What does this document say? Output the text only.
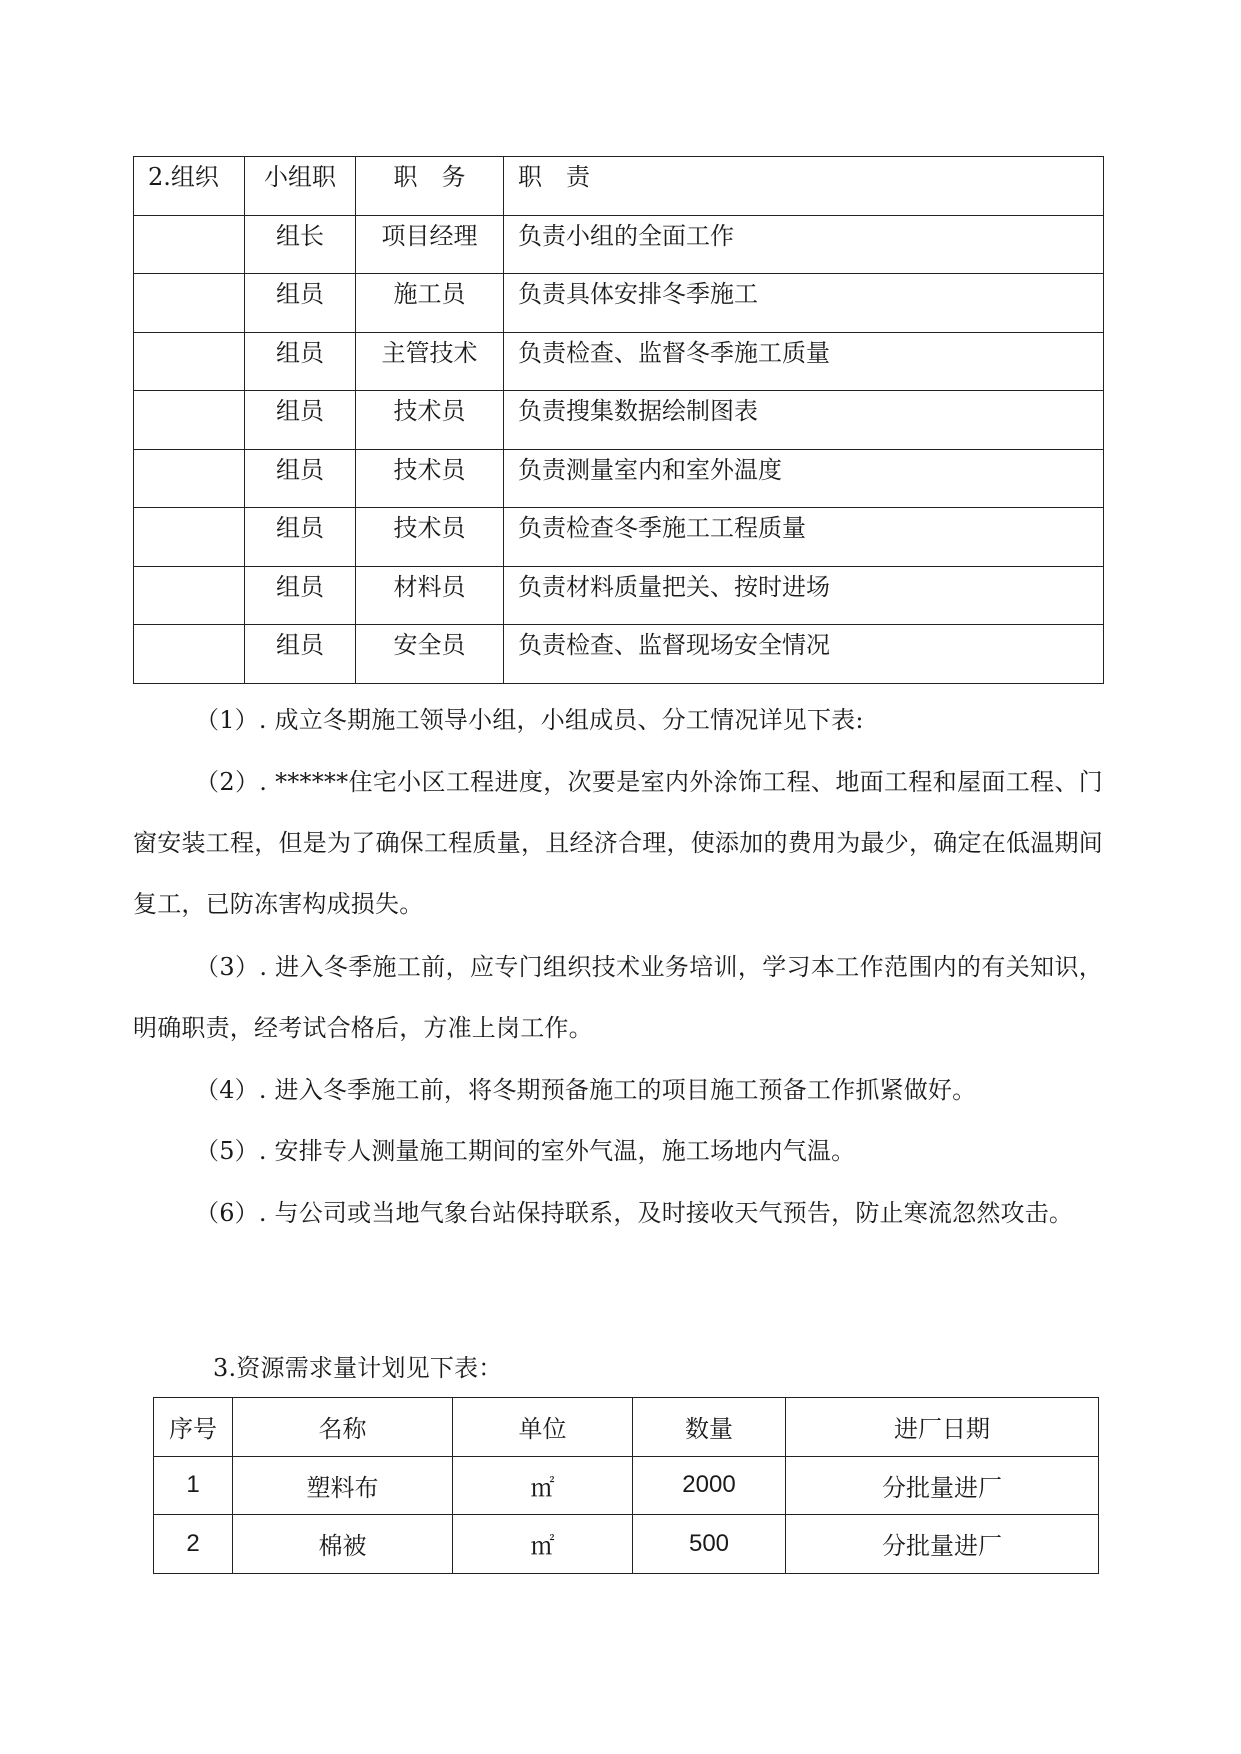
2.组织	小组职	职　务	职　责

	组长	项目经理	负责小组的全面工作

	组员	施工员	负责具体安排冬季施工

	组员	主管技术	负责检查、监督冬季施工质量

	组员	技术员	负责搜集数据绘制图表

	组员	技术员	负责测量室内和室外温度

	组员	技术员	负责检查冬季施工工程质量

	组员	材料员	负责材料质量把关、按时进场

	组员	安全员	负责检查、监督现场安全情况

（1）. 成立冬期施工领导小组，小组成员、分工情况详见下表:

（2）. ******住宅小区工程进度，次要是室内外涂饰工程、地面工程和屋面工程、门窗安装工程，但是为了确保工程质量，且经济合理，使添加的费用为最少，确定在低温期间复工，已防冻害构成损失。

（3）. 进入冬季施工前，应专门组织技术业务培训，学习本工作范围内的有关知识，明确职责，经考试合格后，方准上岗工作。

（4）. 进入冬季施工前，将冬期预备施工的项目施工预备工作抓紧做好。

（5）. 安排专人测量施工期间的室外气温，施工场地内气温。

（6）. 与公司或当地气象台站保持联系，及时接收天气预告，防止寒流忽然攻击。

3.资源需求量计划见下表：

序号	名称	单位	数量	进厂日期
1	塑料布	㎡	2000	分批量进厂
2	棉被	㎡	500	分批量进厂
